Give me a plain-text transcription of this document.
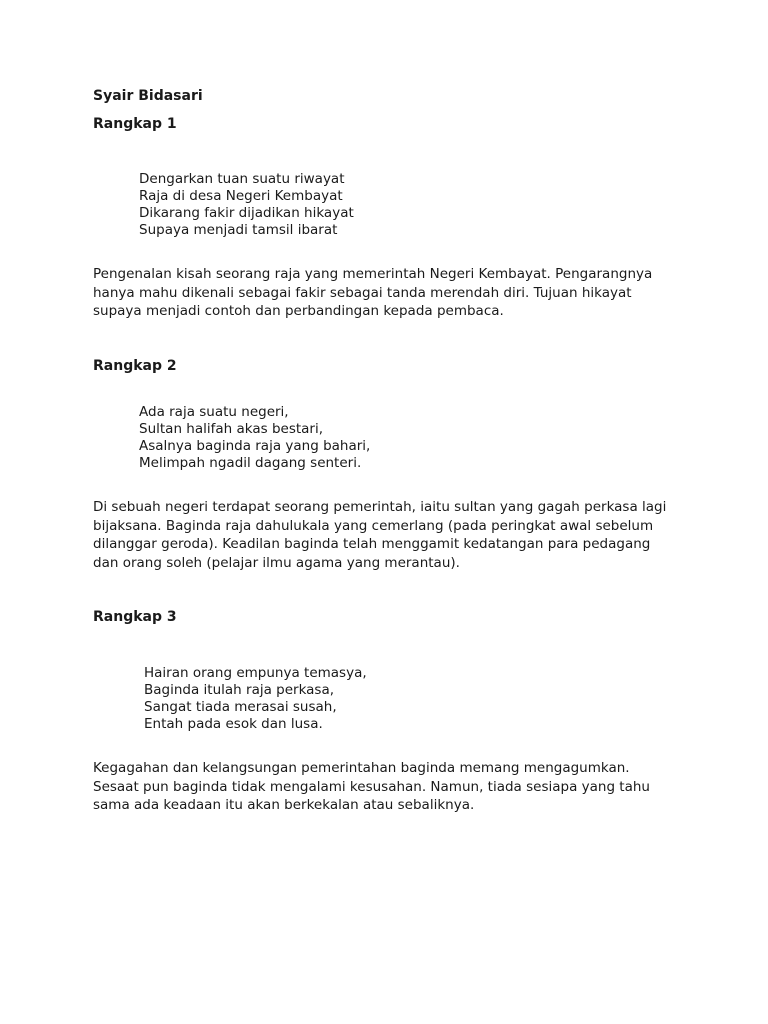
Syair Bidasari
Rangkap 1
Dengarkan tuan suatu riwayat
Raja di desa Negeri Kembayat
Dikarang fakir dijadikan hikayat
Supaya menjadi tamsil ibarat
Pengenalan kisah seorang raja yang memerintah Negeri Kembayat. Pengarangnya
hanya mahu dikenali sebagai fakir sebagai tanda merendah diri. Tujuan hikayat
supaya menjadi contoh dan perbandingan kepada pembaca.
Rangkap 2
Ada raja suatu negeri,
Sultan halifah akas bestari,
Asalnya baginda raja yang bahari,
Melimpah ngadil dagang senteri.
Di sebuah negeri terdapat seorang pemerintah, iaitu sultan yang gagah perkasa lagi
bijaksana. Baginda raja dahulukala yang cemerlang (pada peringkat awal sebelum
dilanggar geroda). Keadilan baginda telah menggamit kedatangan para pedagang
dan orang soleh (pelajar ilmu agama yang merantau).
Rangkap 3
Hairan orang empunya temasya,
Baginda itulah raja perkasa,
Sangat tiada merasai susah,
Entah pada esok dan lusa.
Kegagahan dan kelangsungan pemerintahan baginda memang mengagumkan.
Sesaat pun baginda tidak mengalami kesusahan. Namun, tiada sesiapa yang tahu
sama ada keadaan itu akan berkekalan atau sebaliknya.
